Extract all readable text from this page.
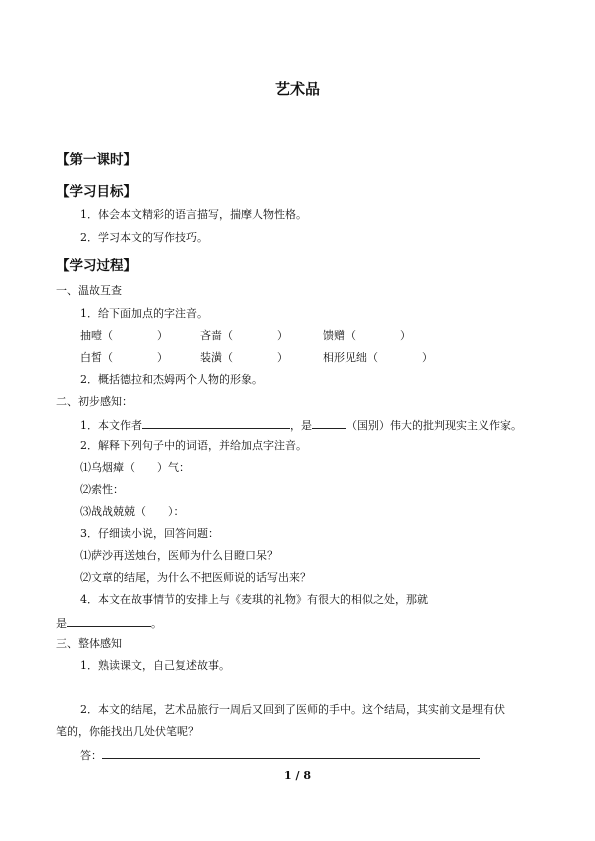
艺术品
【第一课时】
【学习目标】
1．体会本文精彩的语言描写，揣摩人物性格。
2．学习本文的写作技巧。
【学习过程】
一、温故互查
1．给下面加点的字注音。
抽噎（　　　　）	吝啬（　　　　）	馈赠（　　　　）
白皙（　　　　）	装潢（　　　　）	相形见绌（　　　　）
2．概括德拉和杰姆两个人物的形象。
二、初步感知：
1．本文作者	，是	（国别）伟大的批判现实主义作家。
2．解释下列句子中的词语，并给加点字注音。
⑴乌烟瘴（　　）气：
⑵索性：
⑶战战兢兢（　　）：
3．仔细读小说，回答问题：
⑴萨沙再送烛台，医师为什么目瞪口呆？
⑵文章的结尾，为什么不把医师说的话写出来？
4．本文在故事情节的安排上与《麦琪的礼物》有很大的相似之处，那就
是	。
三、整体感知
1．熟读课文，自己复述故事。
2．本文的结尾，艺术品旅行一周后又回到了医师的手中。这个结局，其实前文是埋有伏
笔的，你能找出几处伏笔呢？
答：
1 / 8
